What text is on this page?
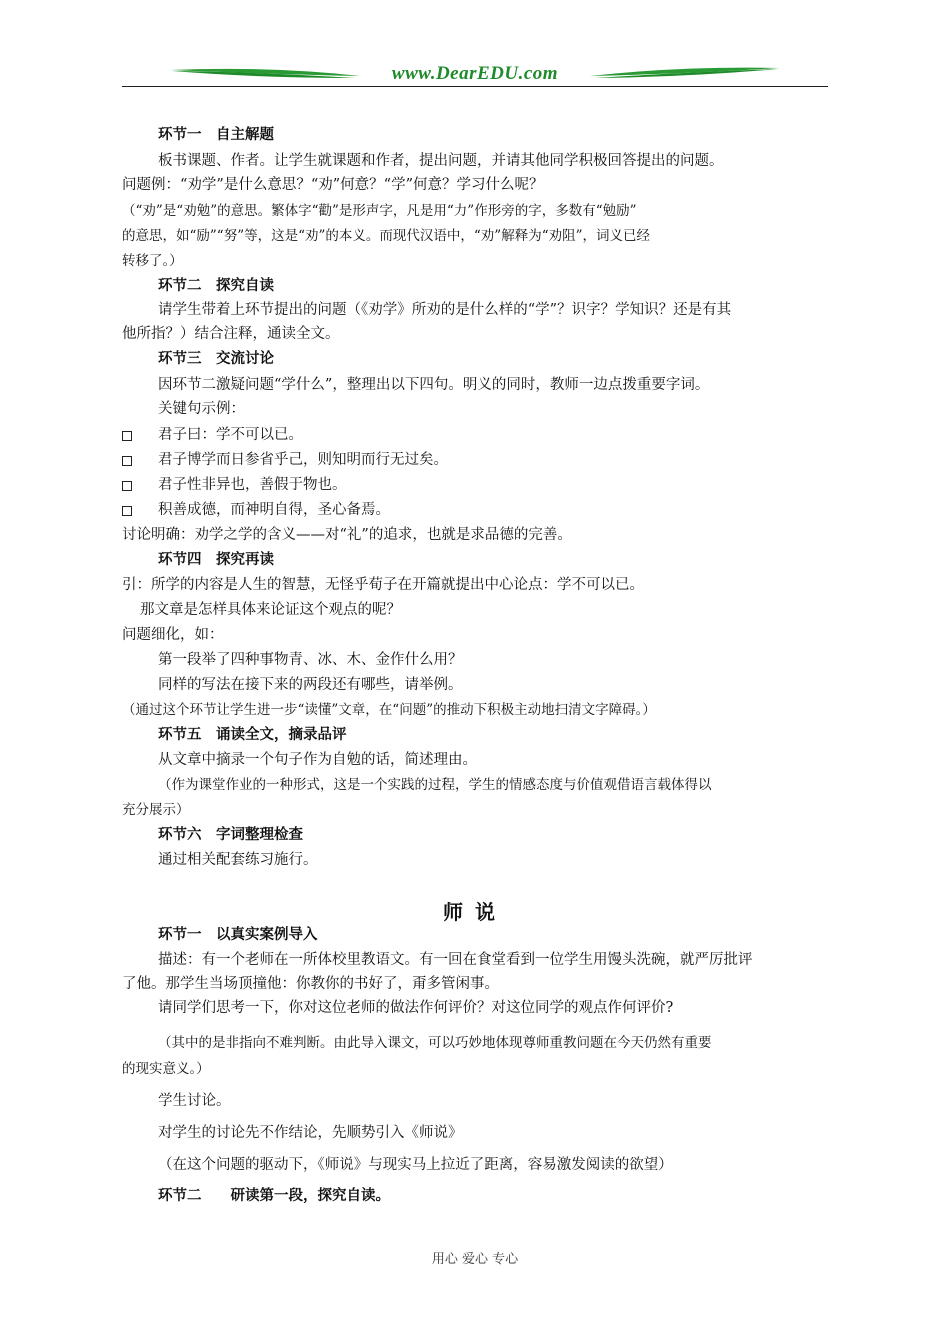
www.DearEDU.com
环节一　自主解题
板书课题、作者。让学生就课题和作者，提出问题，并请其他同学积极回答提出的问题。
问题例：“劝学”是什么意思？“劝”何意？“学”何意？学习什么呢？
（“劝”是“劝勉”的意思。繁体字“勸”是形声字，凡是用“力”作形旁的字，多数有“勉励”
的意思，如“励”“努”等，这是“劝”的本义。而现代汉语中，“劝”解释为“劝阻”，词义已经
转移了。）
环节二　探究自读
请学生带着上环节提出的问题（《劝学》所劝的是什么样的“学”？识字？学知识？还是有其
他所指？）结合注释，通读全文。
环节三　交流讨论
因环节二激疑问题“学什么”，整理出以下四句。明义的同时，教师一边点拨重要字词。
关键句示例：
君子曰：学不可以已。
君子博学而日参省乎己，则知明而行无过矣。
君子性非异也，善假于物也。
积善成德，而神明自得，圣心备焉。
讨论明确：劝学之学的含义——对“礼”的追求，也就是求品德的完善。
环节四　探究再读
引：所学的内容是人生的智慧，无怪乎荀子在开篇就提出中心论点：学不可以已。
那文章是怎样具体来论证这个观点的呢？
问题细化，如：
第一段举了四种事物青、冰、木、金作什么用？
同样的写法在接下来的两段还有哪些，请举例。
（通过这个环节让学生进一步“读懂”文章，在“问题”的推动下积极主动地扫清文字障碍。）
环节五　诵读全文，摘录品评
从文章中摘录一个句子作为自勉的话，简述理由。
（作为课堂作业的一种形式，这是一个实践的过程，学生的情感态度与价值观借语言载体得以
充分展示）
环节六　字词整理检查
通过相关配套练习施行。
师说
环节一　以真实案例导入
描述：有一个老师在一所体校里教语文。有一回在食堂看到一位学生用馒头洗碗，就严厉批评
了他。那学生当场顶撞他：你教你的书好了，甭多管闲事。
请同学们思考一下，你对这位老师的做法作何评价？对这位同学的观点作何评价?
（其中的是非指向不难判断。由此导入课文，可以巧妙地体现尊师重教问题在今天仍然有重要
的现实意义。）
学生讨论。
对学生的讨论先不作结论，先顺势引入《师说》
（在这个问题的驱动下，《师说》与现实马上拉近了距离，容易激发阅读的欲望）
环节二　　研读第一段，探究自读。
用心 爱心 专心
